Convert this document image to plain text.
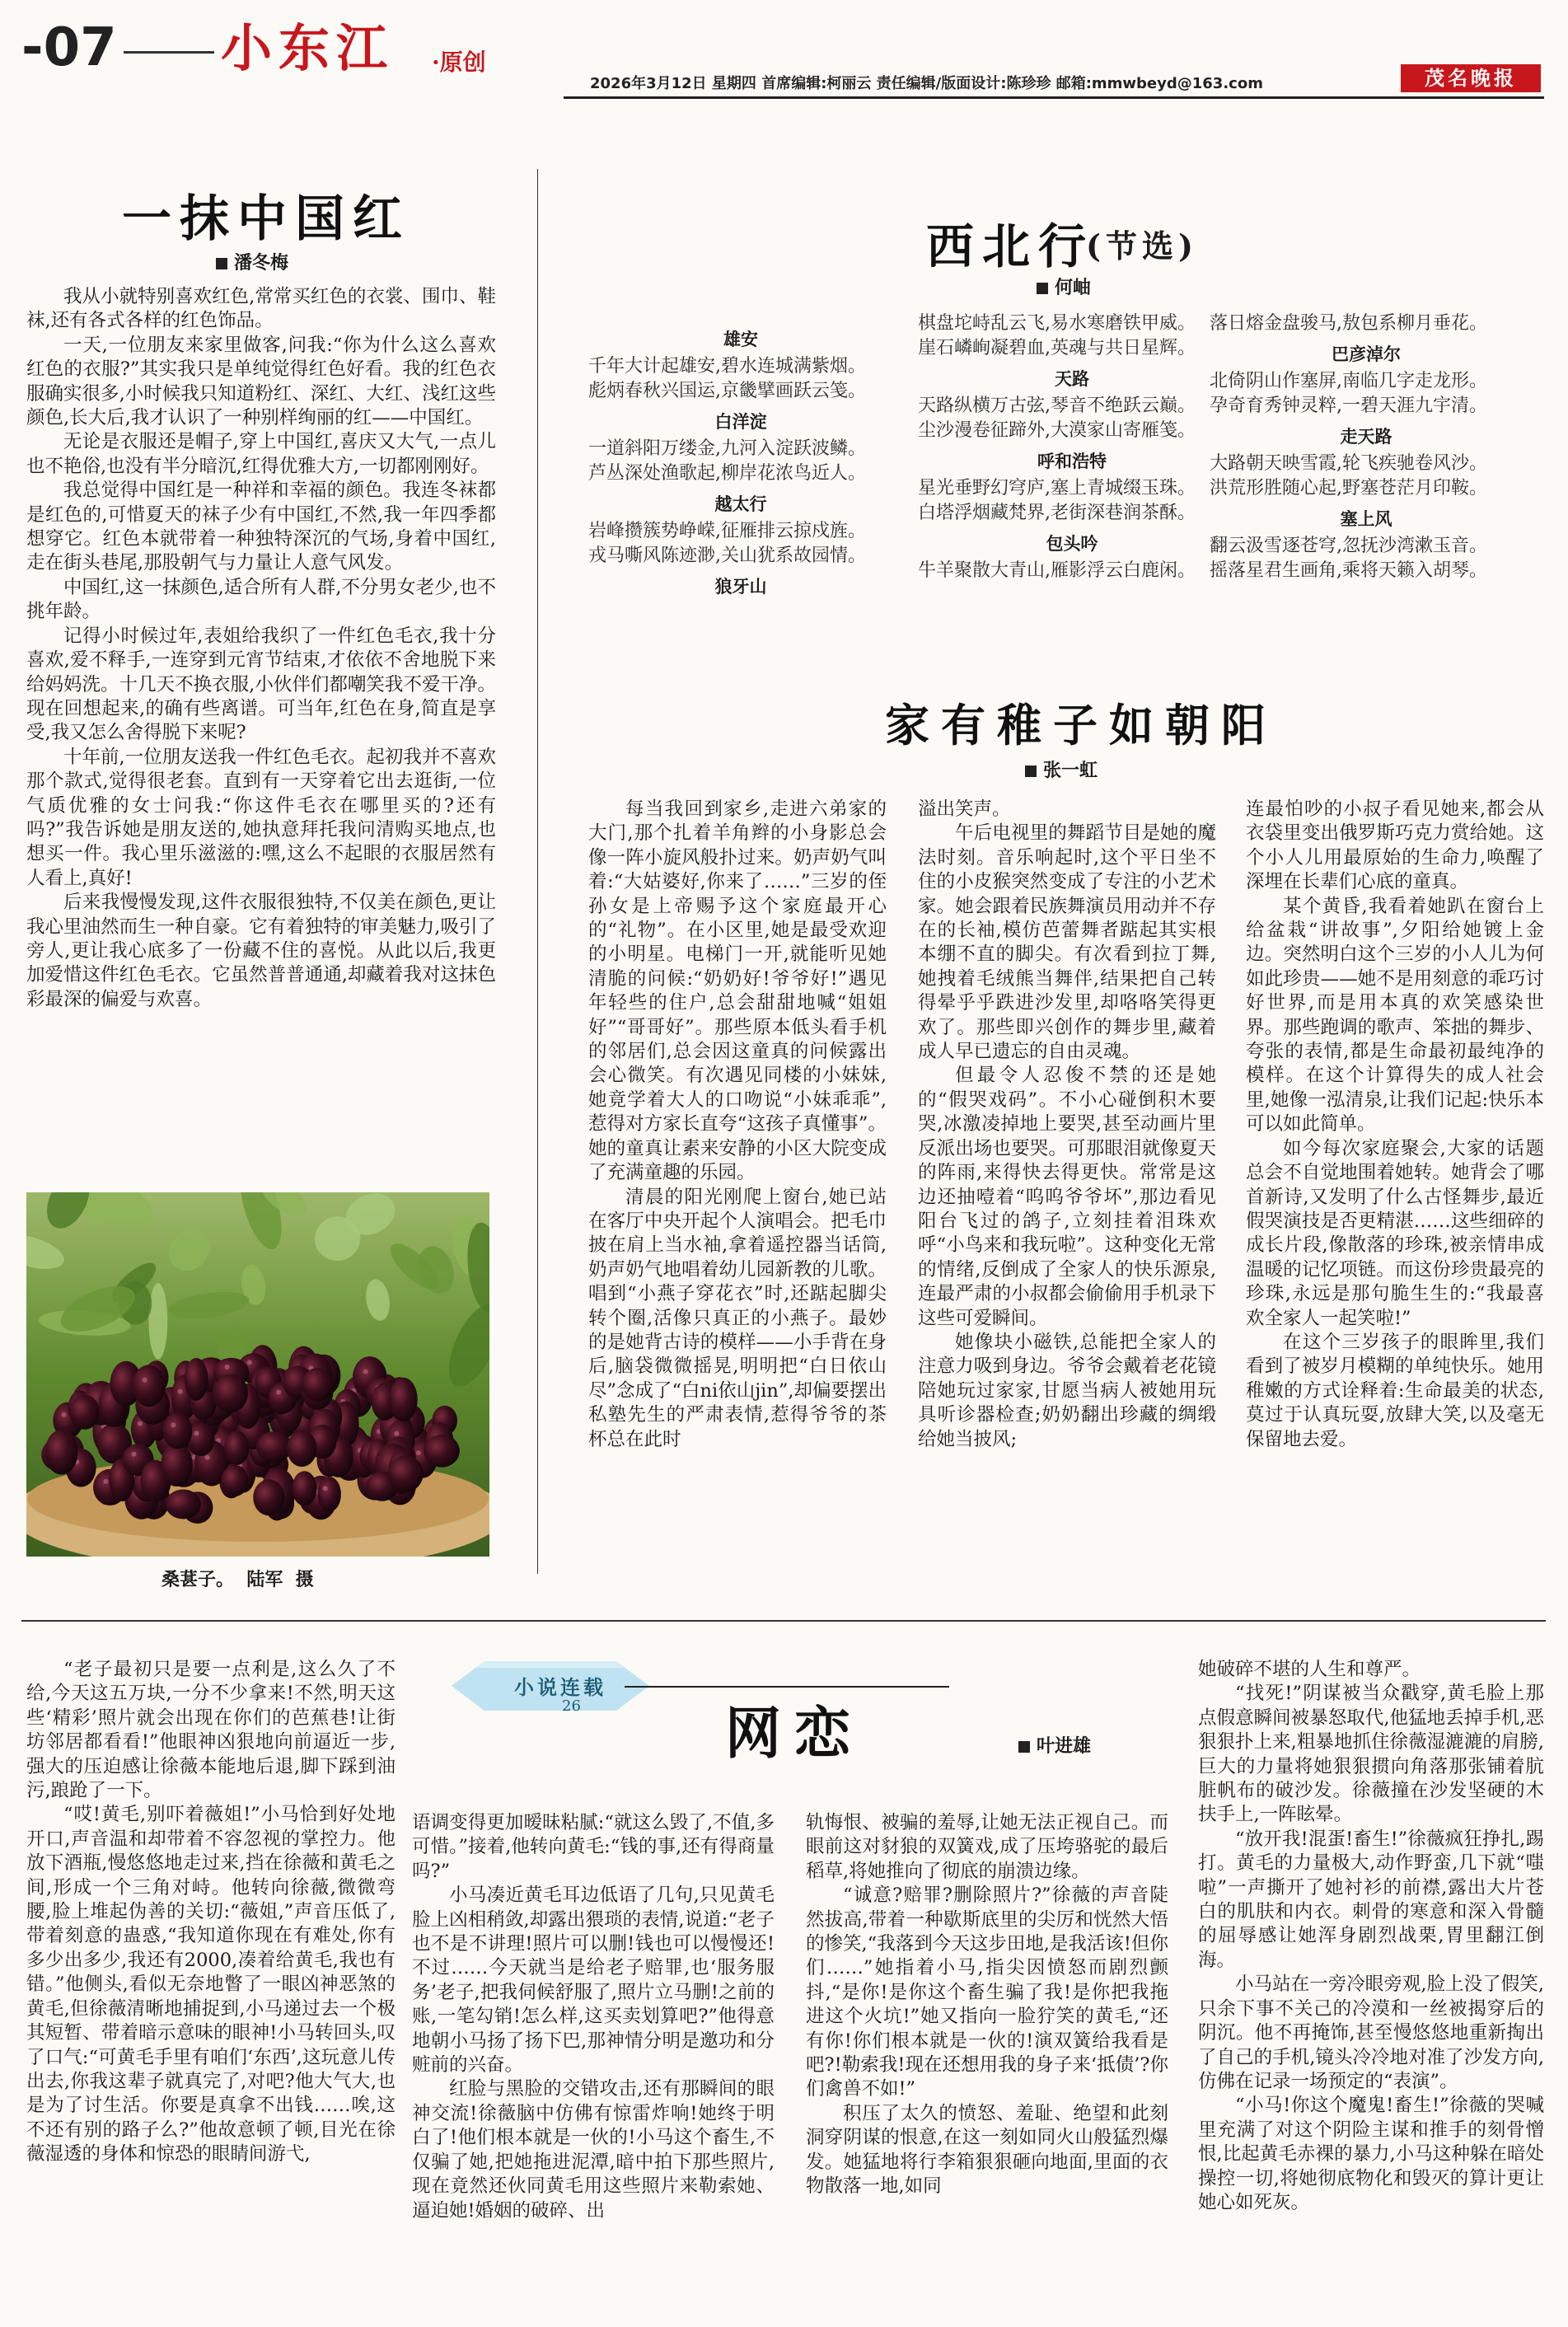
-07 小东江 ·原创
2026年3月12日 星期四 首席编辑:柯丽云 责任编辑/版面设计:陈珍珍 邮箱:mmwbeyd@163.com	茂名晚报
一抹中国红
潘冬梅

我从小就特别喜欢红色,常常买红色的衣裳、围巾、鞋袜,还有各式各样的红色饰品。

一天,一位朋友来家里做客,问我:“你为什么这么喜欢红色的衣服?”其实我只是单纯觉得红色好看。我的红色衣服确实很多,小时候我只知道粉红、深红、大红、浅红这些颜色,长大后,我才认识了一种别样绚丽的红——中国红。

无论是衣服还是帽子,穿上中国红,喜庆又大气,一点儿也不艳俗,也没有半分暗沉,红得优雅大方,一切都刚刚好。

我总觉得中国红是一种祥和幸福的颜色。我连冬袜都是红色的,可惜夏天的袜子少有中国红,不然,我一年四季都想穿它。红色本就带着一种独特深沉的气场,身着中国红,走在街头巷尾,那股朝气与力量让人意气风发。

中国红,这一抹颜色,适合所有人群,不分男女老少,也不挑年龄。

记得小时候过年,表姐给我织了一件红色毛衣,我十分喜欢,爱不释手,一连穿到元宵节结束,才依依不舍地脱下来给妈妈洗。十几天不换衣服,小伙伴们都嘲笑我不爱干净。现在回想起来,的确有些离谱。可当年,红色在身,简直是享受,我又怎么舍得脱下来呢?

十年前,一位朋友送我一件红色毛衣。起初我并不喜欢那个款式,觉得很老套。直到有一天穿着它出去逛街,一位气质优雅的女士问我:“你这件毛衣在哪里买的?还有吗?”我告诉她是朋友送的,她执意拜托我问清购买地点,也想买一件。我心里乐滋滋的:嘿,这么不起眼的衣服居然有人看上,真好!

后来我慢慢发现,这件衣服很独特,不仅美在颜色,更让我心里油然而生一种自豪。它有着独特的审美魅力,吸引了旁人,更让我心底多了一份藏不住的喜悦。从此以后,我更加爱惜这件红色毛衣。它虽然普普通通,却藏着我对这抹色彩最深的偏爱与欢喜。

桑葚子。  陆军  摄
西北行
(节选)
何岫
雄安
千年大计起雄安,碧水连城满紫烟。
彪炳春秋兴国运,京畿擘画跃云笺。
白洋淀
一道斜阳万缕金,九河入淀跃波鳞。
芦丛深处渔歌起,柳岸花浓鸟近人。
越太行
岩峰攒簇势峥嵘,征雁排云掠戍旌。
戎马嘶风陈迹渺,关山犹系故园情。
狼牙山
棋盘坨峙乱云飞,易水寒磨铁甲威。
崖石嶙峋凝碧血,英魂与共日星辉。
天路
天路纵横万古弦,琴音不绝跃云巅。
尘沙漫卷征蹄外,大漠家山寄雁笺。
呼和浩特
星光垂野幻穹庐,塞上青城缀玉珠。
白塔浮烟藏梵界,老街深巷润茶酥。
包头吟
牛羊聚散大青山,雁影浮云白鹿闲。
落日熔金盘骏马,敖包系柳月垂花。
巴彦淖尔
北倚阴山作塞屏,南临几字走龙形。
孕奇育秀钟灵粹,一碧天涯九宇清。
走天路
大路朝天映雪霞,轮飞疾驰卷风沙。
洪荒形胜随心起,野塞苍茫月印鞍。
塞上风
翻云汲雪逐苍穹,忽抚沙湾漱玉音。
摇落星君生画角,乘将天籁入胡琴。
家有稚子如朝阳
张一虹

每当我回到家乡,走进六弟家的大门,那个扎着羊角辫的小身影总会像一阵小旋风般扑过来。奶声奶气叫着:“大姑婆好,你来了……”三岁的侄孙女是上帝赐予这个家庭最开心的“礼物”。在小区里,她是最受欢迎的小明星。电梯门一开,就能听见她清脆的问候:“奶奶好!爷爷好!”遇见年轻些的住户,总会甜甜地喊“姐姐好”“哥哥好”。那些原本低头看手机的邻居们,总会因这童真的问候露出会心微笑。有次遇见同楼的小妹妹,她竟学着大人的口吻说“小妹乖乖”,惹得对方家长直夸“这孩子真懂事”。她的童真让素来安静的小区大院变成了充满童趣的乐园。

清晨的阳光刚爬上窗台,她已站在客厅中央开起个人演唱会。把毛巾披在肩上当水袖,拿着遥控器当话筒,奶声奶气地唱着幼儿园新教的儿歌。唱到“小燕子穿花衣”时,还踮起脚尖转个圈,活像只真正的小燕子。最妙的是她背古诗的模样——小手背在身后,脑袋微微摇晃,明明把“白日依山尽”念成了“白ni依山jin”,却偏要摆出私塾先生的严肃表情,惹得爷爷的茶杯总在此时

溢出笑声。

午后电视里的舞蹈节目是她的魔法时刻。音乐响起时,这个平日坐不住的小皮猴突然变成了专注的小艺术家。她会跟着民族舞演员用动并不存在的长袖,模仿芭蕾舞者踮起其实根本绷不直的脚尖。有次看到拉丁舞,她拽着毛绒熊当舞伴,结果把自己转得晕乎乎跌进沙发里,却咯咯笑得更欢了。那些即兴创作的舞步里,藏着成人早已遗忘的自由灵魂。

但最令人忍俊不禁的还是她的“假哭戏码”。不小心碰倒积木要哭,冰激凌掉地上要哭,甚至动画片里反派出场也要哭。可那眼泪就像夏天的阵雨,来得快去得更快。常常是这边还抽噎着“呜呜爷爷坏”,那边看见阳台飞过的鸽子,立刻挂着泪珠欢呼“小鸟来和我玩啦”。这种变化无常的情绪,反倒成了全家人的快乐源泉,连最严肃的小叔都会偷偷用手机录下这些可爱瞬间。

她像块小磁铁,总能把全家人的注意力吸到身边。爷爷会戴着老花镜陪她玩过家家,甘愿当病人被她用玩具听诊器检查;奶奶翻出珍藏的绸缎给她当披风;

连最怕吵的小叔子看见她来,都会从衣袋里变出俄罗斯巧克力赏给她。这个小人儿用最原始的生命力,唤醒了深埋在长辈们心底的童真。

某个黄昏,我看着她趴在窗台上给盆栽“讲故事”,夕阳给她镀上金边。突然明白这个三岁的小人儿为何如此珍贵——她不是用刻意的乖巧讨好世界,而是用本真的欢笑感染世界。那些跑调的歌声、笨拙的舞步、夸张的表情,都是生命最初最纯净的模样。在这个计算得失的成人社会里,她像一泓清泉,让我们记起:快乐本可以如此简单。

如今每次家庭聚会,大家的话题总会不自觉地围着她转。她背会了哪首新诗,又发明了什么古怪舞步,最近假哭演技是否更精湛……这些细碎的成长片段,像散落的珍珠,被亲情串成温暖的记忆项链。而这份珍贵最亮的珍珠,永远是那句脆生生的:“我最喜欢全家人一起笑啦!”

在这个三岁孩子的眼眸里,我们看到了被岁月模糊的单纯快乐。她用稚嫩的方式诠释着:生命最美的状态,莫过于认真玩耍,放肆大笑,以及毫无保留地去爱。

“老子最初只是要一点利是,这么久了不给,今天这五万块,一分不少拿来!不然,明天这些‘精彩’照片就会出现在你们的芭蕉巷!让街坊邻居都看看!”他眼神凶狠地向前逼近一步,强大的压迫感让徐薇本能地后退,脚下踩到油污,踉跄了一下。

“哎!黄毛,别吓着薇姐!”小马恰到好处地开口,声音温和却带着不容忽视的掌控力。他放下酒瓶,慢悠悠地走过来,挡在徐薇和黄毛之间,形成一个三角对峙。他转向徐薇,微微弯腰,脸上堆起伪善的关切:“薇姐,”声音压低了,带着刻意的蛊惑,“我知道你现在有难处,你有多少出多少,我还有2000,凑着给黄毛,我也有错。”他侧头,看似无奈地瞥了一眼凶神恶煞的黄毛,但徐薇清晰地捕捉到,小马递过去一个极其短暂、带着暗示意味的眼神!小马转回头,叹了口气:“可黄毛手里有咱们‘东西’,这玩意儿传出去,你我这辈子就真完了,对吧?他大气大,也是为了讨生活。你要是真拿不出钱……唉,这不还有别的路子么?”他故意顿了顿,目光在徐薇湿透的身体和惊恐的眼睛间游弋,

小说连载
26	网恋	叶进雄

语调变得更加暧昧粘腻:“就这么毁了,不值,多可惜。”接着,他转向黄毛:“钱的事,还有得商量吗?”

小马凑近黄毛耳边低语了几句,只见黄毛脸上凶相稍敛,却露出猥琐的表情,说道:“老子也不是不讲理!照片可以删!钱也可以慢慢还!不过……今天就当是给老子赔罪,也‘服务服务’老子,把我伺候舒服了,照片立马删!之前的账,一笔勾销!怎么样,这买卖划算吧?”他得意地朝小马扬了扬下巴,那神情分明是邀功和分赃前的兴奋。

红脸与黑脸的交错攻击,还有那瞬间的眼神交流!徐薇脑中仿佛有惊雷炸响!她终于明白了!他们根本就是一伙的!小马这个畜生,不仅骗了她,把她拖进泥潭,暗中拍下那些照片,现在竟然还伙同黄毛用这些照片来勒索她、逼迫她!婚姻的破碎、出

轨悔恨、被骗的羞辱,让她无法正视自己。而眼前这对豺狼的双簧戏,成了压垮骆驼的最后稻草,将她推向了彻底的崩溃边缘。

“诚意?赔罪?删除照片?”徐薇的声音陡然拔高,带着一种歇斯底里的尖厉和恍然大悟的惨笑,“我落到今天这步田地,是我活该!但你们……”她指着小马,指尖因愤怒而剧烈颤抖,“是你!是你这个畜生骗了我!是你把我拖进这个火坑!”她又指向一脸狞笑的黄毛,“还有你!你们根本就是一伙的!演双簧给我看是吧?!勒索我!现在还想用我的身子来‘抵债’?你们禽兽不如!”

积压了太久的愤怒、羞耻、绝望和此刻洞穿阴谋的恨意,在这一刻如同火山般猛烈爆发。她猛地将行李箱狠狠砸向地面,里面的衣物散落一地,如同

她破碎不堪的人生和尊严。

“找死!”阴谋被当众戳穿,黄毛脸上那点假意瞬间被暴怒取代,他猛地丢掉手机,恶狠狠扑上来,粗暴地抓住徐薇湿漉漉的肩膀,巨大的力量将她狠狠掼向角落那张铺着肮脏帆布的破沙发。徐薇撞在沙发坚硬的木扶手上,一阵眩晕。

“放开我!混蛋!畜生!”徐薇疯狂挣扎,踢打。黄毛的力量极大,动作野蛮,几下就“嗤啦”一声撕开了她衬衫的前襟,露出大片苍白的肌肤和内衣。刺骨的寒意和深入骨髓的屈辱感让她浑身剧烈战栗,胃里翻江倒海。

小马站在一旁冷眼旁观,脸上没了假笑,只余下事不关己的冷漠和一丝被揭穿后的阴沉。他不再掩饰,甚至慢悠悠地重新掏出了自己的手机,镜头冷冷地对准了沙发方向,仿佛在记录一场预定的“表演”。

“小马!你这个魔鬼!畜生!”徐薇的哭喊里充满了对这个阴险主谋和推手的刻骨憎恨,比起黄毛赤裸的暴力,小马这种躲在暗处操控一切,将她彻底物化和毁灭的算计更让她心如死灰。
